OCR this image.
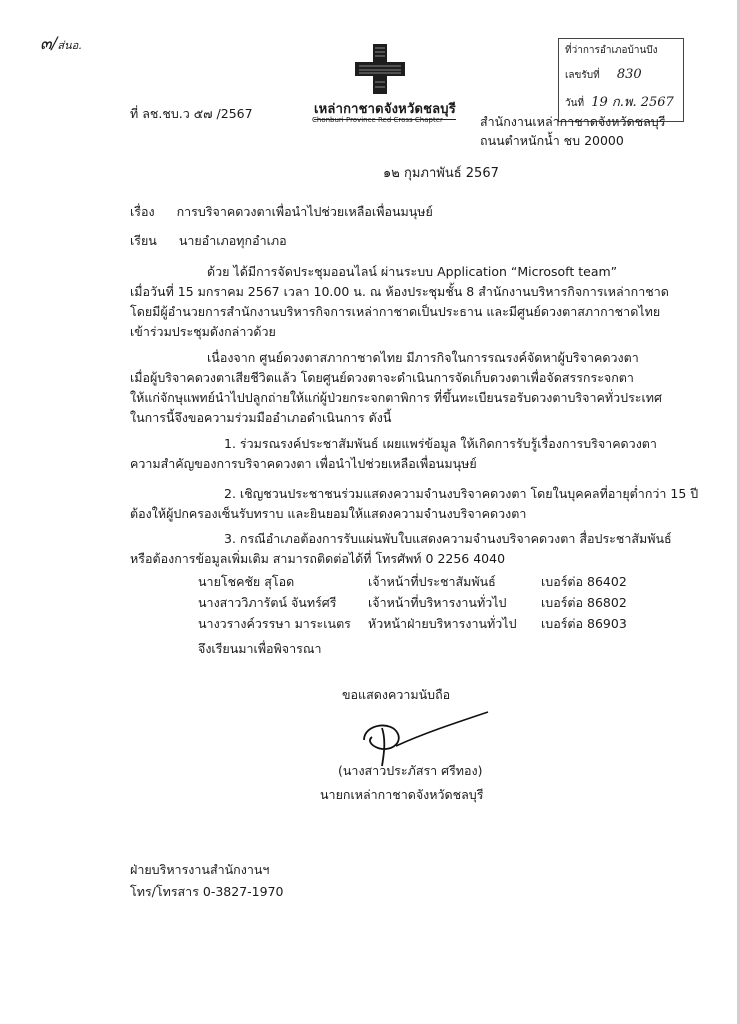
๓/ส่นอ.
เหล่ากาชาดจังหวัดชลบุรี
Chonburi Province Red Cross Chapter
ที่ว่าการอำเภอบ้านบึง
เลขรับที่ 830
วันที่ 19 ก.พ. 2567
ที่ ลช.ชบ.ว ๕๗ /2567
สำนักงานเหล่ากาชาดจังหวัดชลบุรี
ถนนตำหนักน้ำ ชบ 20000
๑๒ กุมภาพันธ์ 2567
เรื่อง การบริจาคดวงตาเพื่อนำไปช่วยเหลือเพื่อนมนุษย์
เรียน นายอำเภอทุกอำเภอ
ด้วย ได้มีการจัดประชุมออนไลน์ ผ่านระบบ Application “Microsoft team”
เมื่อวันที่ 15 มกราคม 2567 เวลา 10.00 น. ณ ห้องประชุมชั้น 8 สำนักงานบริหารกิจการเหล่ากาชาด
โดยมีผู้อำนวยการสำนักงานบริหารกิจการเหล่ากาชาดเป็นประธาน และมีศูนย์ดวงตาสภากาชาดไทย
เข้าร่วมประชุมดังกล่าวด้วย
เนื่องจาก ศูนย์ดวงตาสภากาชาดไทย มีภารกิจในการรณรงค์จัดหาผู้บริจาคดวงตา
เมื่อผู้บริจาคดวงตาเสียชีวิตแล้ว โดยศูนย์ดวงตาจะดำเนินการจัดเก็บดวงตาเพื่อจัดสรรกระจกตา
ให้แก่จักษุแพทย์นำไปปลูกถ่ายให้แก่ผู้ป่วยกระจกตาพิการ ที่ขึ้นทะเบียนรอรับดวงตาบริจาคทั่วประเทศ
ในการนี้จึงขอความร่วมมืออำเภอดำเนินการ ดังนี้
1. ร่วมรณรงค์ประชาสัมพันธ์ เผยแพร่ข้อมูล ให้เกิดการรับรู้เรื่องการบริจาคดวงตา
ความสำคัญของการบริจาคดวงตา เพื่อนำไปช่วยเหลือเพื่อนมนุษย์
2. เชิญชวนประชาชนร่วมแสดงความจำนงบริจาคดวงตา โดยในบุคคลที่อายุต่ำกว่า 15 ปี
ต้องให้ผู้ปกครองเซ็นรับทราบ และยินยอมให้แสดงความจำนงบริจาคดวงตา
3. กรณีอำเภอต้องการรับแผ่นพับใบแสดงความจำนงบริจาคดวงตา สื่อประชาสัมพันธ์
หรือต้องการข้อมูลเพิ่มเติม สามารถติดต่อได้ที่ โทรศัพท์ 0 2256 4040
นายโชคชัย สุโอด	เจ้าหน้าที่ประชาสัมพันธ์	เบอร์ต่อ 86402
นางสาววิภารัตน์ จันทร์ศรี	เจ้าหน้าที่บริหารงานทั่วไป	เบอร์ต่อ 86802
นางวรางค์วรรษา มาระเนตร หัวหน้าฝ่ายบริหารงานทั่วไป เบอร์ต่อ 86903
จึงเรียนมาเพื่อพิจารณา
ขอแสดงความนับถือ
(นางสาวประภัสรา ศรีทอง)
นายกเหล่ากาชาดจังหวัดชลบุรี
ฝ่ายบริหารงานสำนักงานฯ
โทร/โทรสาร 0-3827-1970
